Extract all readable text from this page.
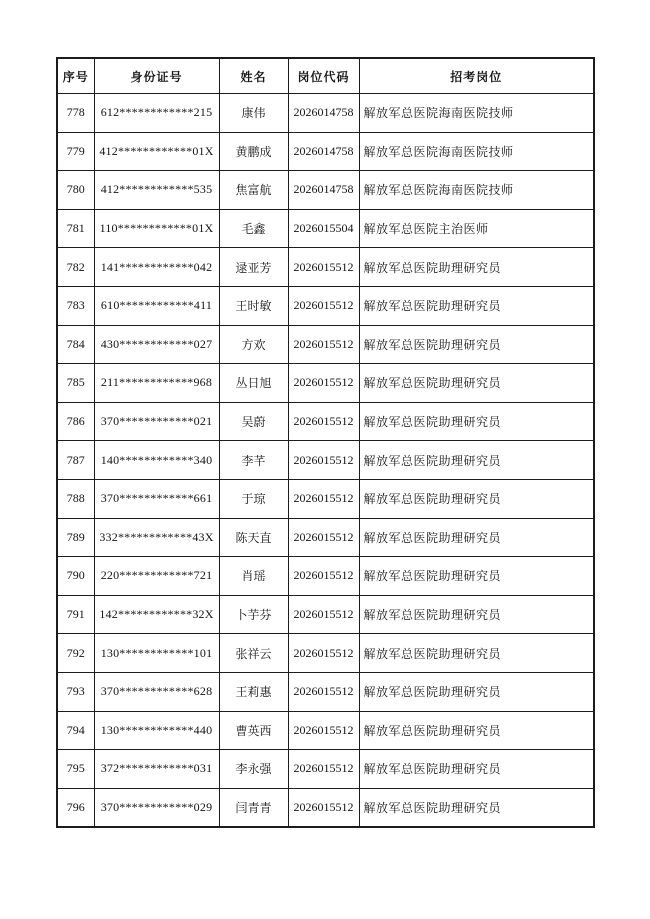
序号	身份证号	姓名	岗位代码	招考岗位
778	612************215	康伟	2026014758	解放军总医院海南医院技师
779	412************01X	黄鹏成	2026014758	解放军总医院海南医院技师
780	412************535	焦富航	2026014758	解放军总医院海南医院技师
781	110************01X	毛鑫	2026015504	解放军总医院主治医师
782	141************042	逯亚芳	2026015512	解放军总医院助理研究员
783	610************411	王时敏	2026015512	解放军总医院助理研究员
784	430************027	方欢	2026015512	解放军总医院助理研究员
785	211************968	丛日旭	2026015512	解放军总医院助理研究员
786	370************021	吴蔚	2026015512	解放军总医院助理研究员
787	140************340	李芊	2026015512	解放军总医院助理研究员
788	370************661	于琼	2026015512	解放军总医院助理研究员
789	332************43X	陈天直	2026015512	解放军总医院助理研究员
790	220************721	肖瑶	2026015512	解放军总医院助理研究员
791	142************32X	卜芋芬	2026015512	解放军总医院助理研究员
792	130************101	张祥云	2026015512	解放军总医院助理研究员
793	370************628	王莉惠	2026015512	解放军总医院助理研究员
794	130************440	曹英西	2026015512	解放军总医院助理研究员
795	372************031	李永强	2026015512	解放军总医院助理研究员
796	370************029	闫青青	2026015512	解放军总医院助理研究员
